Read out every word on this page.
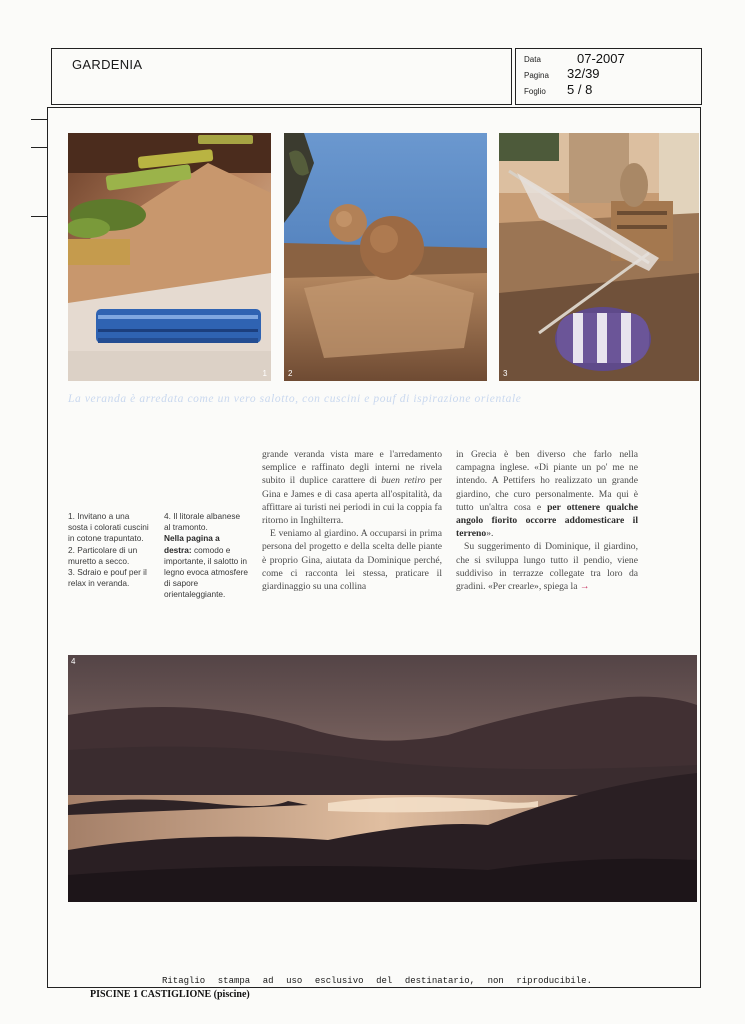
GARDENIA	Data	07-2007
Pagina 32/39
Foglio 5 / 8
1	2	3
La veranda è arredata come un vero salotto, con cuscini e pouf di ispirazione orientale

1. Invitano a una sosta i colorati cuscini in cotone trapuntato.

2. Particolare di un muretto a secco.

3. Sdraio e pouf per il relax in veranda.

4. Il litorale albanese al tramonto.

Nella pagina a destra: comodo e importante, il salotto in legno evoca atmosfere di sapore orientaleggiante.

grande veranda vista mare e l'arredamento semplice e raffinato degli interni ne rivela subito il duplice carattere di buen retiro per Gina e James e di casa aperta all'ospitalità, da affittare ai turisti nei periodi in cui la coppia fa ritorno in Inghilterra.

E veniamo al giardino. A occuparsi in prima persona del progetto e della scelta delle piante è proprio Gina, aiutata da Dominique perché, come ci racconta lei stessa, praticare il giardinaggio su una collina

in Grecia è ben diverso che farlo nella campagna inglese. «Di piante un po' me ne intendo. A Pettifers ho realizzato un grande giardino, che curo personalmente. Ma qui è tutto un'altra cosa e per ottenere qualche angolo fiorito occorre addomesticare il terreno».

Su suggerimento di Dominique, il giardino, che si sviluppa lungo tutto il pendio, viene suddiviso in terrazze collegate tra loro da gradini. «Per crearle», spiega la →

4
Ritaglio stampa ad uso esclusivo del destinatario, non riproducibile.
PISCINE 1 CASTIGLIONE (piscine)
